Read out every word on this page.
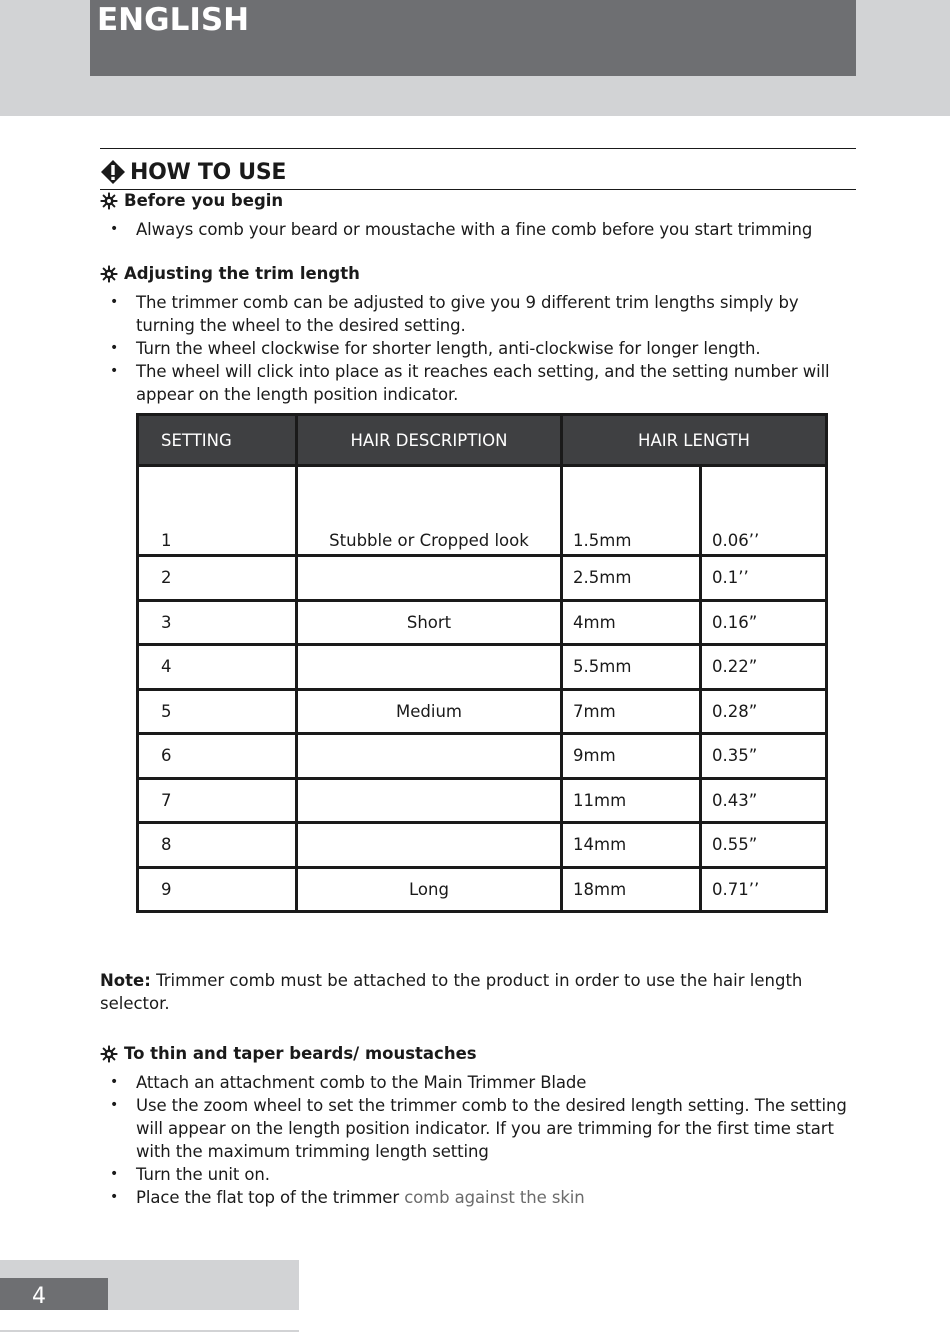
ENGLISH
HOW TO USE
Before you begin
• Always comb your beard or moustache with a fine comb before you start trimming
Adjusting the trim length
• The trimmer comb can be adjusted to give you 9 different trim lengths simply by turning the wheel to the desired setting.
• Turn the wheel clockwise for shorter length, anti-clockwise for longer length.
• The wheel will click into place as it reaches each setting, and the setting number will appear on the length position indicator.
SETTING	HAIR DESCRIPTION	HAIR LENGTH	
1	Stubble or Cropped look	1.5mm	0.06’’
2		2.5mm	0.1’’
3	Short	4mm	0.16”
4		5.5mm	0.22”
5	Medium	7mm	0.28”
6		9mm	0.35”
7		11mm	0.43”
8		14mm	0.55”
9	Long	18mm	0.71’’
Note: Trimmer comb must be attached to the product in order to use the hair length selector.
To thin and taper beards/ moustaches
• Attach an attachment comb to the Main Trimmer Blade
• Use the zoom wheel to set the trimmer comb to the desired length setting. The setting will appear on the length position indicator. If you are trimming for the first time start with the maximum trimming length setting
• Turn the unit on.
• Place the flat top of the trimmer comb against the skin
4
